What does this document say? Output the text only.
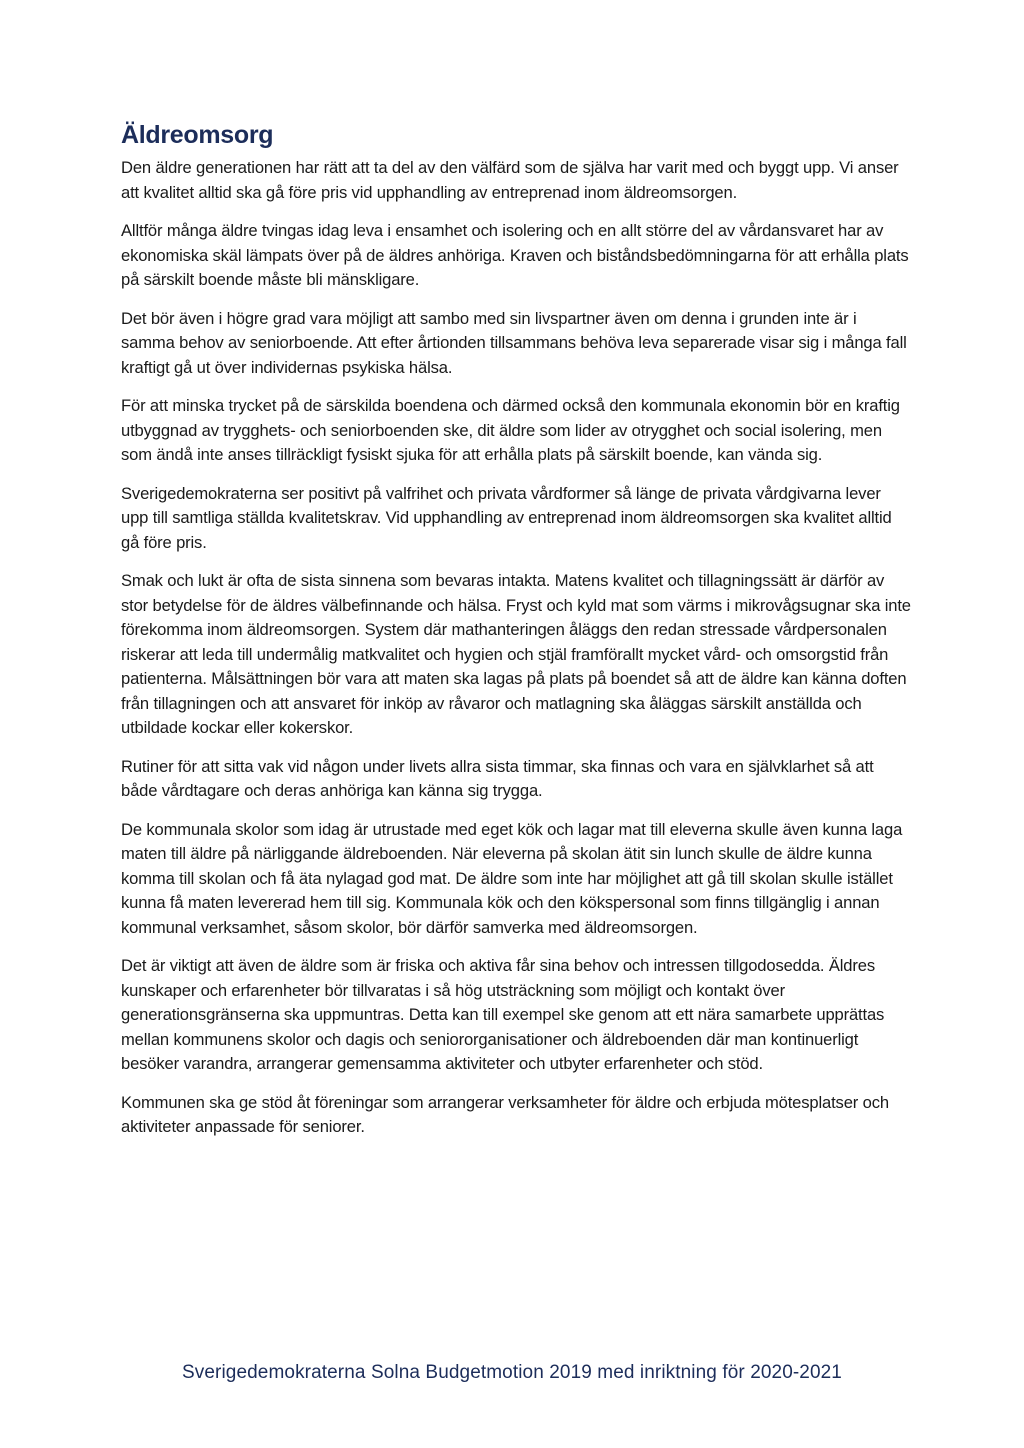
Äldreomsorg

Den äldre generationen har rätt att ta del av den välfärd som de själva har varit med och byggt upp. Vi anser att kvalitet alltid ska gå före pris vid upphandling av entreprenad inom äldreomsorgen.

Alltför många äldre tvingas idag leva i ensamhet och isolering och en allt större del av vårdansvaret har av ekonomiska skäl lämpats över på de äldres anhöriga. Kraven och biståndsbedömningarna för att erhålla plats på särskilt boende måste bli mänskligare.

Det bör även i högre grad vara möjligt att sambo med sin livspartner även om denna i grunden inte är i samma behov av seniorboende. Att efter årtionden tillsammans behöva leva separerade visar sig i många fall kraftigt gå ut över individernas psykiska hälsa.

För att minska trycket på de särskilda boendena och därmed också den kommunala ekonomin bör en kraftig utbyggnad av trygghets- och seniorboenden ske, dit äldre som lider av otrygghet och social isolering, men som ändå inte anses tillräckligt fysiskt sjuka för att erhålla plats på särskilt boende, kan vända sig.

Sverigedemokraterna ser positivt på valfrihet och privata vårdformer så länge de privata vårdgivarna lever upp till samtliga ställda kvalitetskrav. Vid upphandling av entreprenad inom äldreomsorgen ska kvalitet alltid gå före pris.

Smak och lukt är ofta de sista sinnena som bevaras intakta. Matens kvalitet och tillagningssätt är därför av stor betydelse för de äldres välbefinnande och hälsa. Fryst och kyld mat som värms i mikrovågsugnar ska inte förekomma inom äldreomsorgen. System där mathanteringen åläggs den redan stressade vårdpersonalen riskerar att leda till undermålig matkvalitet och hygien och stjäl framförallt mycket vård- och omsorgstid från patienterna. Målsättningen bör vara att maten ska lagas på plats på boendet så att de äldre kan känna doften från tillagningen och att ansvaret för inköp av råvaror och matlagning ska åläggas särskilt anställda och utbildade kockar eller kokerskor.

Rutiner för att sitta vak vid någon under livets allra sista timmar, ska finnas och vara en självklarhet så att både vårdtagare och deras anhöriga kan känna sig trygga.

De kommunala skolor som idag är utrustade med eget kök och lagar mat till eleverna skulle även kunna laga maten till äldre på närliggande äldreboenden. När eleverna på skolan ätit sin lunch skulle de äldre kunna komma till skolan och få äta nylagad god mat. De äldre som inte har möjlighet att gå till skolan skulle istället kunna få maten levererad hem till sig. Kommunala kök och den kökspersonal som finns tillgänglig i annan kommunal verksamhet, såsom skolor, bör därför samverka med äldreomsorgen.

Det är viktigt att även de äldre som är friska och aktiva får sina behov och intressen tillgodosedda. Äldres kunskaper och erfarenheter bör tillvaratas i så hög utsträckning som möjligt och kontakt över generationsgränserna ska uppmuntras. Detta kan till exempel ske genom att ett nära samarbete upprättas mellan kommunens skolor och dagis och seniororganisationer och äldreboenden där man kontinuerligt besöker varandra, arrangerar gemensamma aktiviteter och utbyter erfarenheter och stöd.

Kommunen ska ge stöd åt föreningar som arrangerar verksamheter för äldre och erbjuda mötesplatser och aktiviteter anpassade för seniorer.

Sverigedemokraterna Solna Budgetmotion 2019 med inriktning för 2020-2021
